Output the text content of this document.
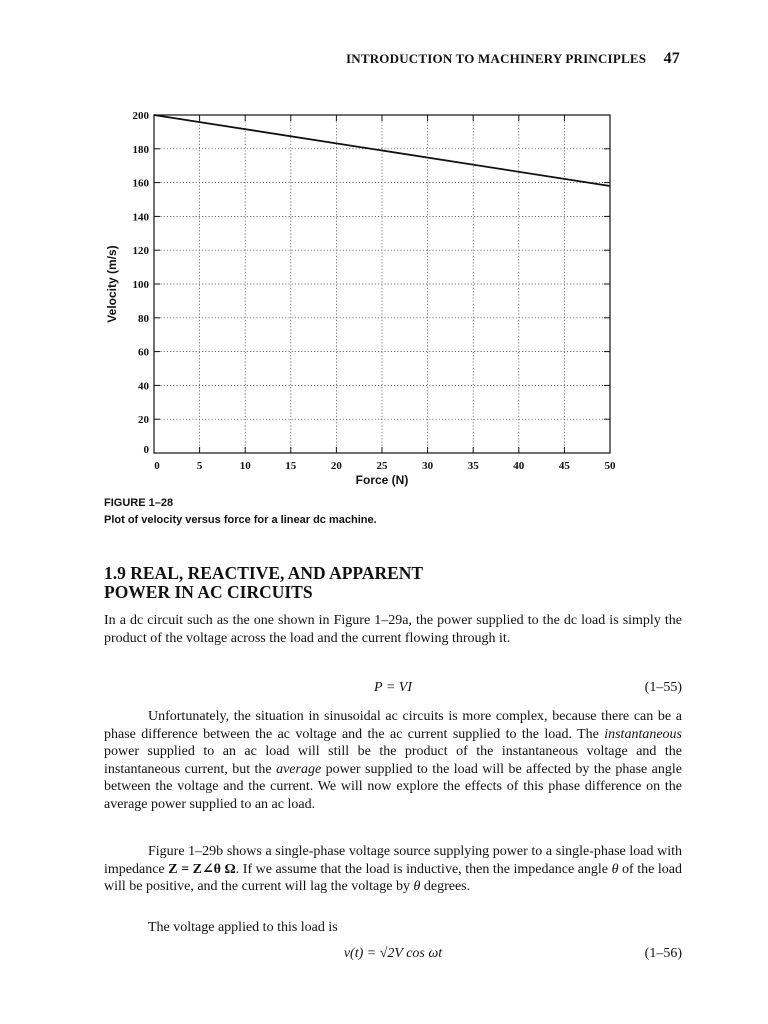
INTRODUCTION TO MACHINERY PRINCIPLES 47
0	5	10	15	20	25	30	35	40	45	50
0
20
40
60
80
100
120
140
160
180
200
Force (N)
Velocity (m/s)
FIGURE 1–28
Plot of velocity versus force for a linear dc machine.
1.9 REAL, REACTIVE, AND APPARENT
POWER IN AC CIRCUITS

In a dc circuit such as the one shown in Figure 1–29a, the power supplied to the dc load is simply the product of the voltage across the load and the current flowing through it.

P = VI	(1–55)

Unfortunately, the situation in sinusoidal ac circuits is more complex, because there can be a phase difference between the ac voltage and the ac current supplied to the load. The instantaneous power supplied to an ac load will still be the product of the instantaneous voltage and the instantaneous current, but the average power supplied to the load will be affected by the phase angle between the voltage and the current. We will now explore the effects of this phase difference on the average power supplied to an ac load.

Figure 1–29b shows a single-phase voltage source supplying power to a single-phase load with impedance Z = Z∠θ Ω. If we assume that the load is inductive, then the impedance angle θ of the load will be positive, and the current will lag the voltage by θ degrees.

The voltage applied to this load is

v(t) = √2V cos ωt	(1–56)
